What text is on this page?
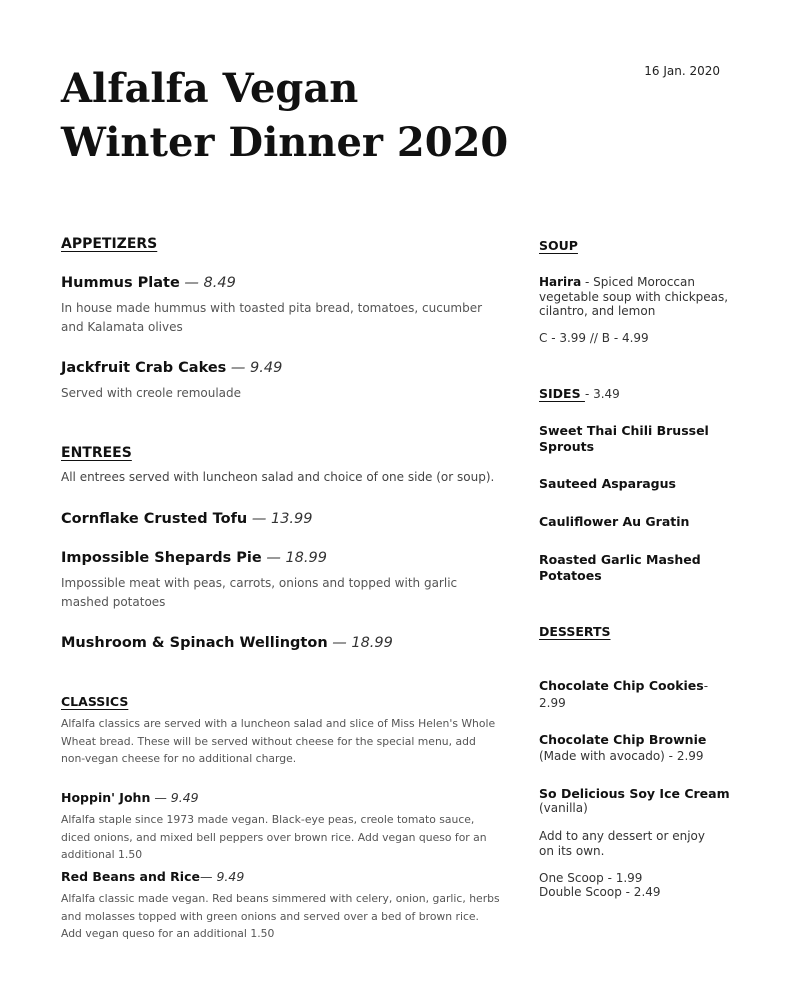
16 Jan. 2020
Alfalfa Vegan
Winter Dinner 2020
APPETIZERS
Hummus Plate — 8.49
In house made hummus with toasted pita bread, tomatoes, cucumber and Kalamata olives
Jackfruit Crab Cakes — 9.49
Served with creole remoulade
ENTREES
All entrees served with luncheon salad and choice of one side (or soup).
Cornflake Crusted Tofu — 13.99
Impossible Shepards Pie — 18.99
Impossible meat with peas, carrots, onions and topped with garlic mashed potatoes
Mushroom & Spinach Wellington — 18.99
CLASSICS
Alfalfa classics are served with a luncheon salad and slice of Miss Helen's Whole Wheat bread. These will be served without cheese for the special menu, add non-vegan cheese for no additional charge.
Hoppin' John — 9.49
Alfalfa staple since 1973 made vegan. Black-eye peas, creole tomato sauce, diced onions, and mixed bell peppers over brown rice. Add vegan queso for an additional 1.50
Red Beans and Rice— 9.49
Alfalfa classic made vegan. Red beans simmered with celery, onion, garlic, herbs and molasses topped with green onions and served over a bed of brown rice. Add vegan queso for an additional 1.50
SOUP
Harira - Spiced Moroccan vegetable soup with chickpeas, cilantro, and lemon
C - 3.99 // B - 4.99
SIDES - 3.49
Sweet Thai Chili Brussel Sprouts
Sauteed Asparagus
Cauliflower Au Gratin
Roasted Garlic Mashed Potatoes
DESSERTS
Chocolate Chip Cookies- 2.99
Chocolate Chip Brownie
(Made with avocado) - 2.99
So Delicious Soy Ice Cream
(vanilla)
Add to any dessert or enjoy on its own.
One Scoop - 1.99
Double Scoop - 2.49
